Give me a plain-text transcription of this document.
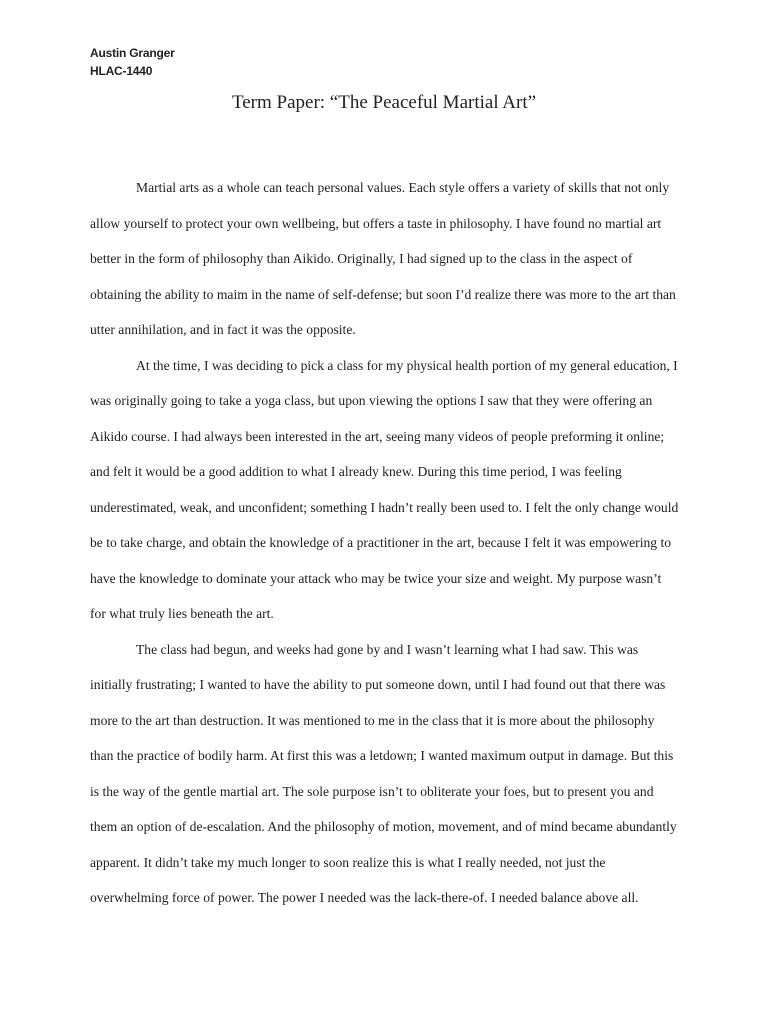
Austin Granger
HLAC-1440
Term Paper: “The Peaceful Martial Art”

Martial arts as a whole can teach personal values. Each style offers a variety of skills that not only allow yourself to protect your own wellbeing, but offers a taste in philosophy. I have found no martial art better in the form of philosophy than Aikido. Originally, I had signed up to the class in the aspect of obtaining the ability to maim in the name of self-defense; but soon I’d realize there was more to the art than utter annihilation, and in fact it was the opposite.

At the time, I was deciding to pick a class for my physical health portion of my general education, I was originally going to take a yoga class, but upon viewing the options I saw that they were offering an Aikido course. I had always been interested in the art, seeing many videos of people preforming it online; and felt it would be a good addition to what I already knew. During this time period, I was feeling underestimated, weak, and unconfident; something I hadn’t really been used to. I felt the only change would be to take charge, and obtain the knowledge of a practitioner in the art, because I felt it was empowering to have the knowledge to dominate your attack who may be twice your size and weight. My purpose wasn’t for what truly lies beneath the art.

The class had begun, and weeks had gone by and I wasn’t learning what I had saw. This was initially frustrating; I wanted to have the ability to put someone down, until I had found out that there was more to the art than destruction. It was mentioned to me in the class that it is more about the philosophy than the practice of bodily harm. At first this was a letdown; I wanted maximum output in damage. But this is the way of the gentle martial art. The sole purpose isn’t to obliterate your foes, but to present you and them an option of de-escalation. And the philosophy of motion, movement, and of mind became abundantly apparent. It didn’t take my much longer to soon realize this is what I really needed, not just the overwhelming force of power. The power I needed was the lack-there-of. I needed balance above all.
